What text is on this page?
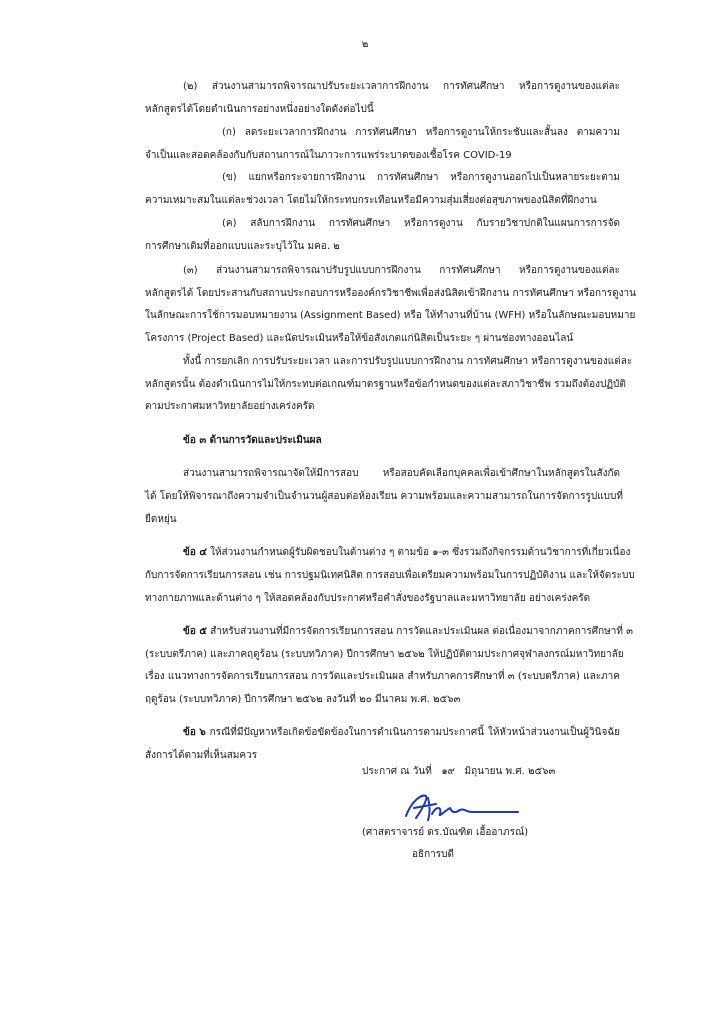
๒
(๒) ส่วนงานสามารถพิจารณาปรับระยะเวลาการฝึกงาน การทัศนศึกษา หรือการดูงานของแต่ละ
หลักสูตรได้โดยดำเนินการอย่างหนึ่งอย่างใดดังต่อไปนี้
(ก) ลดระยะเวลาการฝึกงาน การทัศนศึกษา หรือการดูงานให้กระชับและสั้นลง ตามความ
จำเป็นและสอดคล้องกับกับสถานการณ์ในภาวะการแพร่ระบาดของเชื้อโรค COVID-19
(ข) แยกหรือกระจายการฝึกงาน การทัศนศึกษา หรือการดูงานออกไปเป็นหลายระยะตาม
ความเหมาะสมในแต่ละช่วงเวลา โดยไม่ให้กระทบกระเทือนหรือมีความสุ่มเสี่ยงต่อสุขภาพของนิสิตที่ฝึกงาน
(ค) สลับการฝึกงาน การทัศนศึกษา หรือการดูงาน กับรายวิชาปกติในแผนการการจัด
การศึกษาเดิมที่ออกแบบและระบุไว้ใน มคอ. ๒
(๓) ส่วนงานสามารถพิจารณาปรับรูปแบบการฝึกงาน การทัศนศึกษา หรือการดูงานของแต่ละ
หลักสูตรได้ โดยประสานกับสถานประกอบการหรือองค์กรวิชาชีพเพื่อส่งนิสิตเข้าฝึกงาน การทัศนศึกษา หรือการดูงาน
ในลักษณะการใช้การมอบหมายงาน (Assignment Based) หรือ ให้ทำงานที่บ้าน (WFH) หรือในลักษณะมอบหมาย
โครงการ (Project Based) และนัดประเมินหรือให้ข้อสังเกตแก่นิสิตเป็นระยะ ๆ ผ่านช่องทางออนไลน์
ทั้งนี้ การยกเลิก การปรับระยะเวลา และการปรับรูปแบบการฝึกงาน การทัศนศึกษา หรือการดูงานของแต่ละ
หลักสูตรนั้น ต้องดำเนินการไม่ให้กระทบต่อเกณฑ์มาตรฐานหรือข้อกำหนดของแต่ละสภาวิชาชีพ รวมถึงต้องปฏิบัติ
ตามประกาศมหาวิทยาลัยอย่างเคร่งครัด
ข้อ ๓ ด้านการวัดและประเมินผล
ส่วนงานสามารถพิจารณาจัดให้มีการสอบ หรือสอบคัดเลือกบุคคลเพื่อเข้าศึกษาในหลักสูตรในสังกัด
ได้ โดยให้พิจารณาถึงความจำเป็นจำนวนผู้สอบต่อห้องเรียน ความพร้อมและความสามารถในการจัดการรูปแบบที่
ยืดหยุ่น
ข้อ ๔ ให้ส่วนงานกำหนดผู้รับผิดชอบในด้านต่าง ๆ ตามข้อ ๑-๓ ซึ่งรวมถึงกิจกรรมด้านวิชาการที่เกี่ยวเนื่อง
กับการจัดการเรียนการสอน เช่น การปฐมนิเทศนิสิต การสอบเพื่อเตรียมความพร้อมในการปฏิบัติงาน และให้จัดระบบ
ทางกายภาพและด้านต่าง ๆ ให้สอดคล้องกับประกาศหรือคำสั่งของรัฐบาลและมหาวิทยาลัย อย่างเคร่งครัด
ข้อ ๕ สำหรับส่วนงานที่มีการจัดการเรียนการสอน การวัดและประเมินผล ต่อเนื่องมาจากภาคการศึกษาที่ ๓
(ระบบตรีภาค) และภาคฤดูร้อน (ระบบทวิภาค) ปีการศึกษา ๒๕๖๒ ให้ปฏิบัติตามประกาศจุฬาลงกรณ์มหาวิทยาลัย
เรื่อง แนวทางการจัดการเรียนการสอน การวัดและประเมินผล สำหรับภาคการศึกษาที่ ๓ (ระบบตรีภาค) และภาค
ฤดูร้อน (ระบบทวิภาค) ปีการศึกษา ๒๕๖๒ ลงวันที่ ๒๐ มีนาคม พ.ศ. ๒๕๖๓
ข้อ ๖ กรณีที่มีปัญหาหรือเกิดข้อขัดข้องในการดำเนินการตามประกาศนี้ ให้หัวหน้าส่วนงานเป็นผู้วินิจฉัย
สั่งการได้ตามที่เห็นสมควร
ประกาศ ณ วันที่   ๑๙   มิถุนายน พ.ศ. ๒๕๖๓
(ศาสตราจารย์ ดร.บัณฑิต เอื้ออาภรณ์)
อธิการบดี
